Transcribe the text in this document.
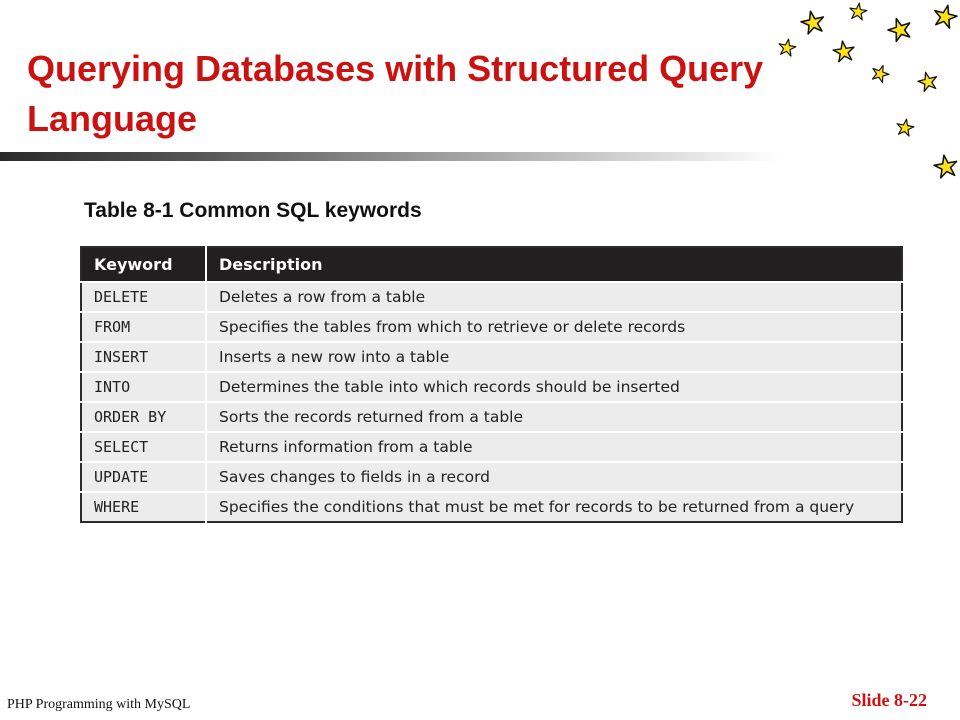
Querying Databases with Structured Query Language
Table 8-1 Common SQL keywords
Keyword	Description
DELETE	Deletes a row from a table
FROM	Specifies the tables from which to retrieve or delete records
INSERT	Inserts a new row into a table
INTO	Determines the table into which records should be inserted
ORDER BY	Sorts the records returned from a table
SELECT	Returns information from a table
UPDATE	Saves changes to fields in a record
WHERE	Specifies the conditions that must be met for records to be returned from a query
PHP Programming with MySQL	Slide 8-22
